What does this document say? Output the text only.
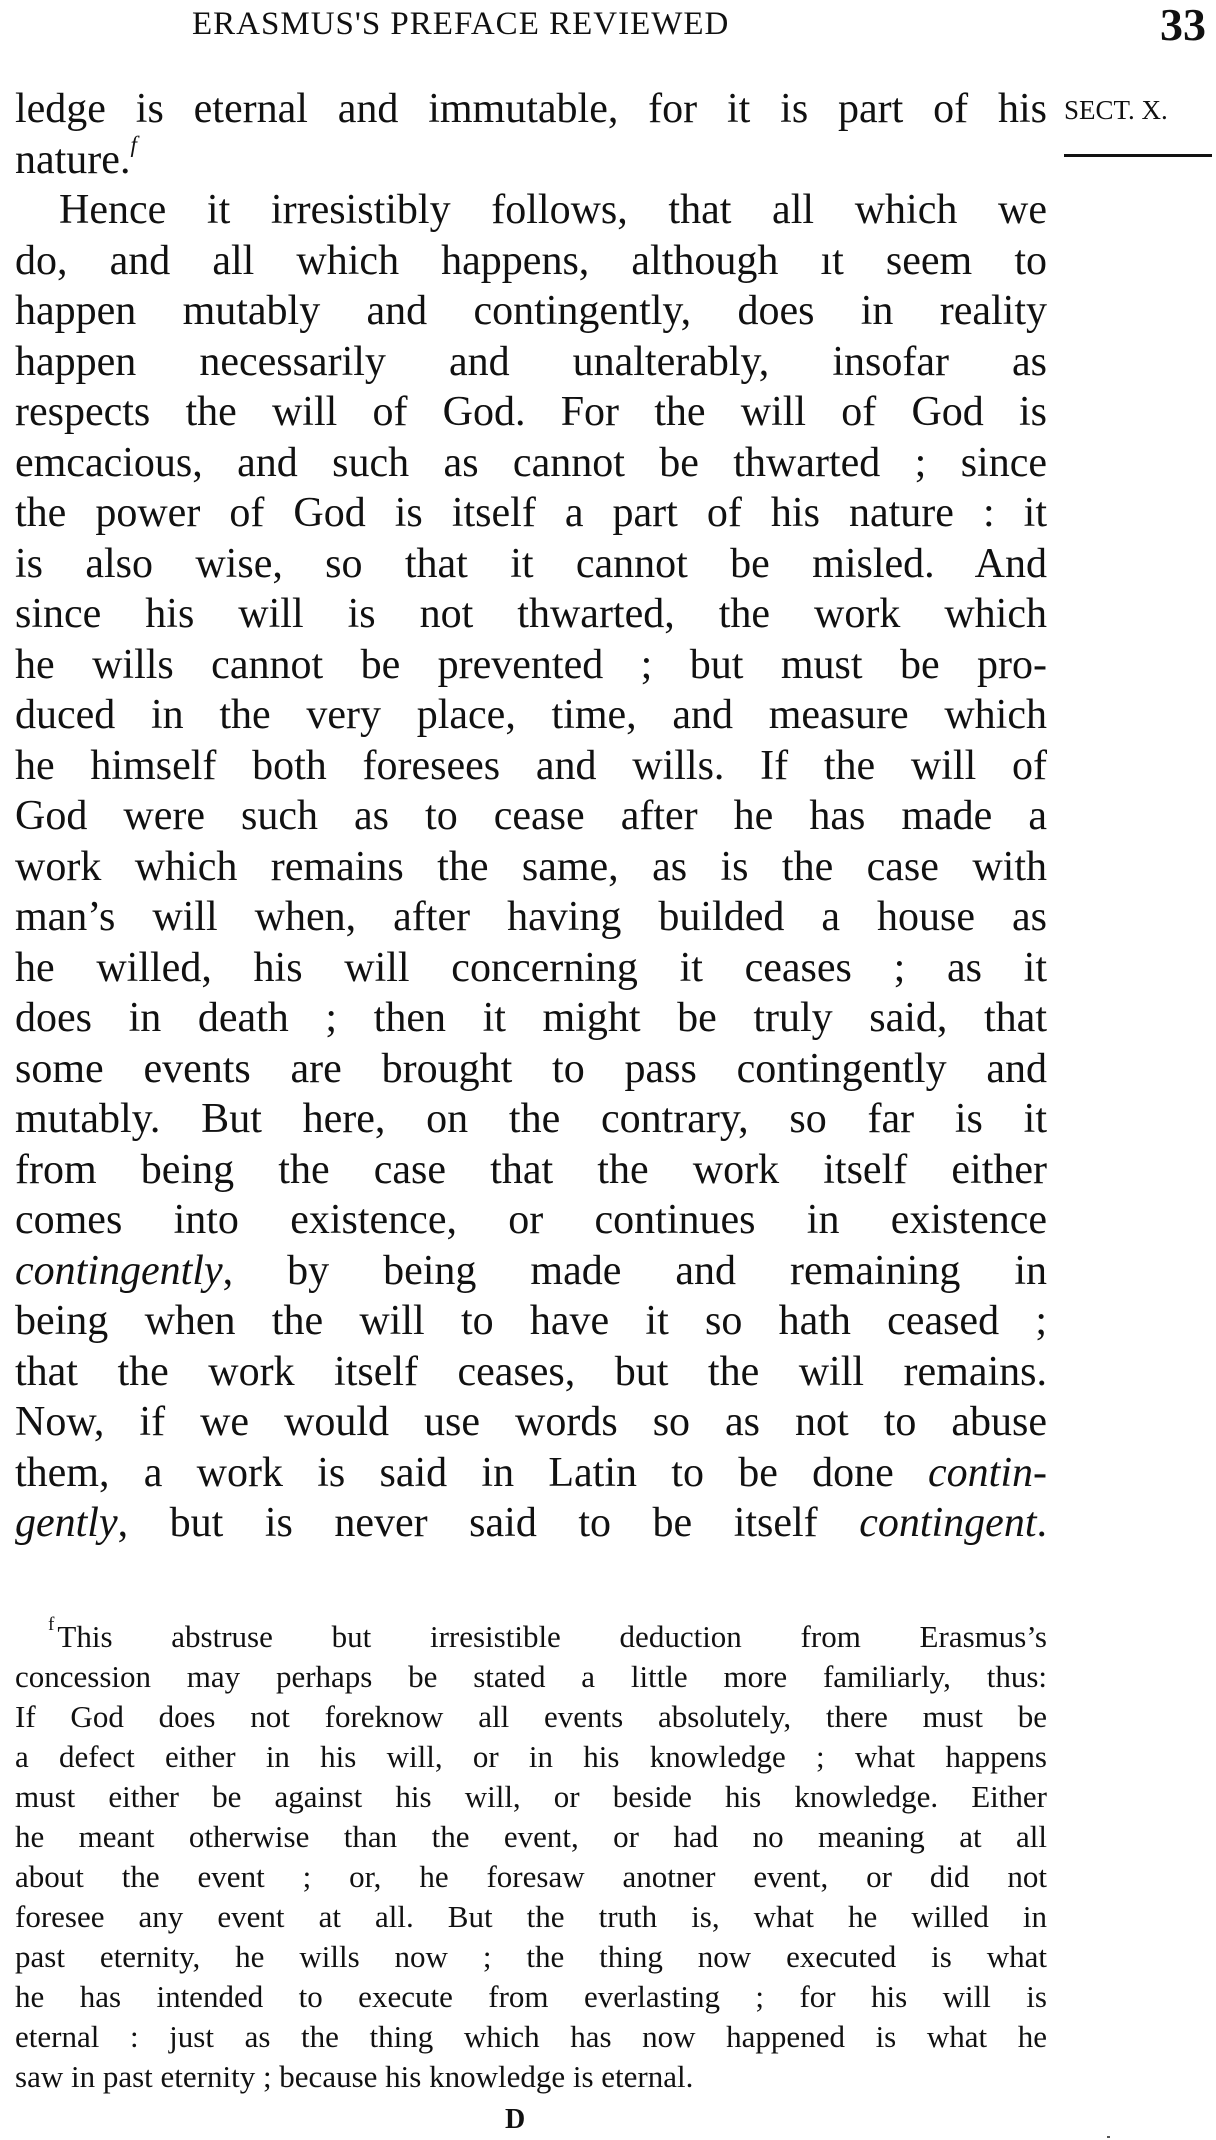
ERASMUS'S PREFACE REVIEWED	33
SECT. X.
ledge is eternal and immutable, for it is part of his
nature.$^f$
Hence it irresistibly follows, that all which we
do, and all which happens, although ıt seem to
happen mutably and contingently, does in reality
happen necessarily and unalterably, insofar as
respects the will of God. For the will of God is
emcacious, and such as cannot be thwarted ; since
the power of God is itself a part of his nature : it
is also wise, so that it cannot be misled. And
since his will is not thwarted, the work which
he wills cannot be prevented ; but must be pro-
duced in the very place, time, and measure which
he himself both foresees and wills. If the will of
God were such as to cease after he has made a
work which remains the same, as is the case with
man’s will when, after having builded a house as
he willed, his will concerning it ceases ; as it
does in death ; then it might be truly said, that
some events are brought to pass contingently and
mutably. But here, on the contrary, so far is it
from being the case that the work itself either
comes into existence, or continues in existence
contingently, by being made and remaining in
being when the will to have it so hath ceased ;
that the work itself ceases, but the will remains.
Now, if we would use words so as not to abuse
them, a work is said in Latin to be done contin-
gently, but is never said to be itself contingent.
$^f$This abstruse but irresistible deduction from Erasmus’s
concession may perhaps be stated a little more familiarly, thus:
If God does not foreknow all events absolutely, there must be
a defect either in his will, or in his knowledge ; what happens
must either be against his will, or beside his knowledge. Either
he meant otherwise than the event, or had no meaning at all
about the event ; or, he foresaw anotner event, or did not
foresee any event at all. But the truth is, what he willed in
past eternity, he wills now ; the thing now executed is what
he has intended to execute from everlasting ; for his will is
eternal : just as the thing which has now happened is what he
saw in past eternity ; because his knowledge is eternal.
D
